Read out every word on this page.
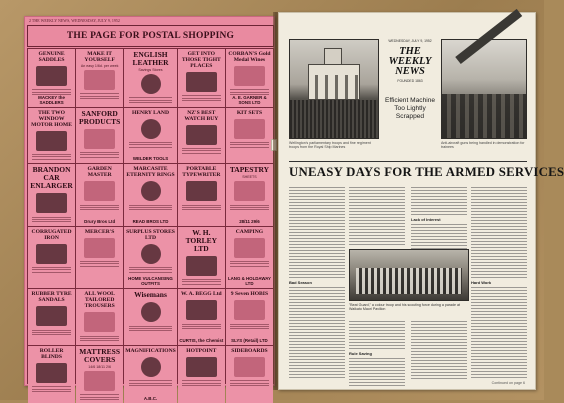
2 THE WEEKLY NEWS, WEDNESDAY, JULY 9, 1952
THE PAGE FOR POSTAL SHOPPING
GENUINE SADDLES
MACKEY the SADDLERS
MAKE IT YOURSELF
An easy 1/6d. per week
ENGLISH LEATHER
Savings Stores
GET INTO THOSE TIGHT PLACES
CORBAN'S Gold Medal Wines
A. E. GARNER & SONS LTD
THE TWO WINDOW MOTOR HOME
SANFORD PRODUCTS
HENRY LAND
WELDER TOOLS
NZ'S BEST WATCH BUY
KIT SETS
BRANDON CAR ENLARGER
GARDEN MASTER
Drury Bros Ltd
MARCASITE ETERNITY RINGS
READ BROS LTD
PORTABLE TYPEWRITER
TAPESTRY
SHEETS
28/11 29/6
CORRUGATED IRON
MERCER'S SURPLUS STORES LTD
HOME VULCANISING OUTFITS
W. H. TORLEY LTD
CAMPING
LANG & HOLDAWAY LTD
RUBBER TYRE SANDALS
ALL WOOL TAILORED TROUSERS
Wisemans	W. A. BEGG Ltd
CURTIS, the Chemist
9 Seven HOBIS
SLYS (Retail) LTD
ROLLER BLINDS
MATTRESS COVERS
14/6 18/11 2/6
MAGNIFICATIONS
A.B.C.
HOTPOINT	SIDEBOARDS
WEDNESDAY, JULY 9, 1952
THE WEEKLY NEWS
FOUNDED 1863
Efficient Machine Too Lightly Scrapped
Wellington's parliamentary troops and fine regiment troops from the Royal Ship Marines
Anti-aircraft guns being handled in demonstration for trainees
UNEASY DAYS FOR THE ARMED SERVICES
Bad Season
Lack of Interest
Hard Work
"Beat Guard," a colour troop and his scouting force during a parade at Waikato Maori Pavilion
Rule Saving
Continued on page 6
